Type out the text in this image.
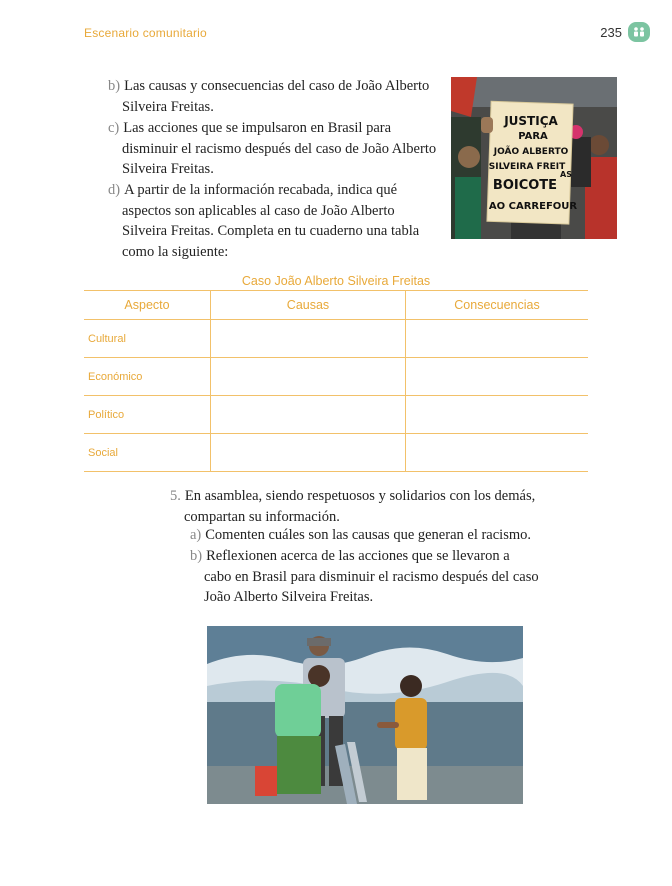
Escenario comunitario	235
b) Las causas y consecuencias del caso de João Alberto Silveira Freitas.
c) Las acciones que se impulsaron en Brasil para disminuir el racismo después del caso de João Alberto Silveira Freitas.
d) A partir de la información recabada, indica qué aspectos son aplicables al caso de João Alberto Silveira Freitas. Completa en tu cuaderno una tabla como la siguiente:
JUSTIÇA
PARA
JOÃO ALBERTO
SILVEIRA FREIT
AS
BOICOTE
AO CARREFOUR
Caso João Alberto Silveira Freitas
Aspecto	Causas	Consecuencias
Cultural		
Económico		
Político		
Social		
5. En asamblea, siendo respetuosos y solidarios con los demás, compartan su información.
a) Comenten cuáles son las causas que generan el racismo.
b) Reflexionen acerca de las acciones que se llevaron a cabo en Brasil para disminuir el racismo después del caso João Alberto Silveira Freitas.
